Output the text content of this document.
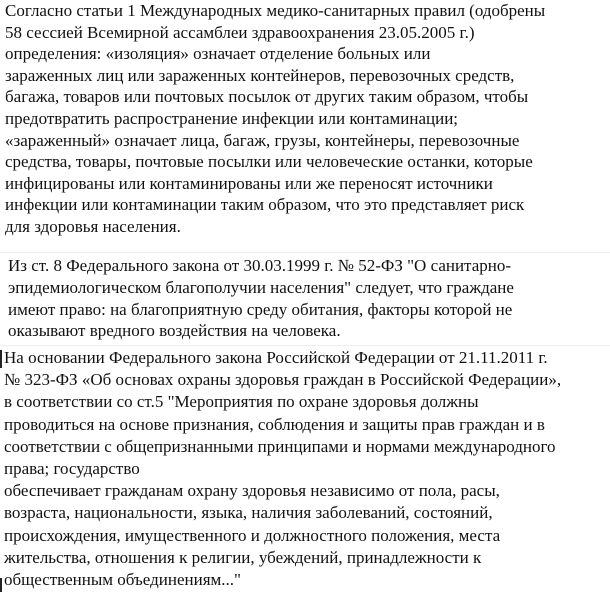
Согласно статьи 1 Международных медико-санитарных правил (одобрены
58 сессией Всемирной ассамблеи здравоохранения 23.05.2005 г.)
определения: «изоляция» означает отделение больных или
зараженных лиц или зараженных контейнеров, перевозочных средств,
багажа, товаров или почтовых посылок от других таким образом, чтобы
предотвратить распространение инфекции или контаминации;
«зараженный» означает лица, багаж, грузы, контейнеры, перевозочные
средства, товары, почтовые посылки или человеческие останки, которые
инфицированы или контаминированы или же переносят источники
инфекции или контаминации таким образом, что это представляет риск
для здоровья населения.

Из ст. 8 Федерального закона от 30.03.1999 г. № 52-ФЗ "О санитарно-
эпидемиологическом благополучии населения" следует, что граждане
имеют право: на благоприятную среду обитания, факторы которой не
оказывают вредного воздействия на человека.

На основании Федерального закона Российской Федерации от 21.11.2011 г.
№ 323-ФЗ «Об основах охраны здоровья граждан в Российской Федерации»,
в соответствии со ст.5 "Мероприятия по охране здоровья должны
проводиться на основе признания, соблюдения и защиты прав граждан и в
соответствии с общепризнанными принципами и нормами международного
права; государство
обеспечивает гражданам охрану здоровья независимо от пола, расы,
возраста, национальности, языка, наличия заболеваний, состояний,
происхождения, имущественного и должностного положения, места
жительства, отношения к религии, убеждений, принадлежности к
общественным объединениям..."
